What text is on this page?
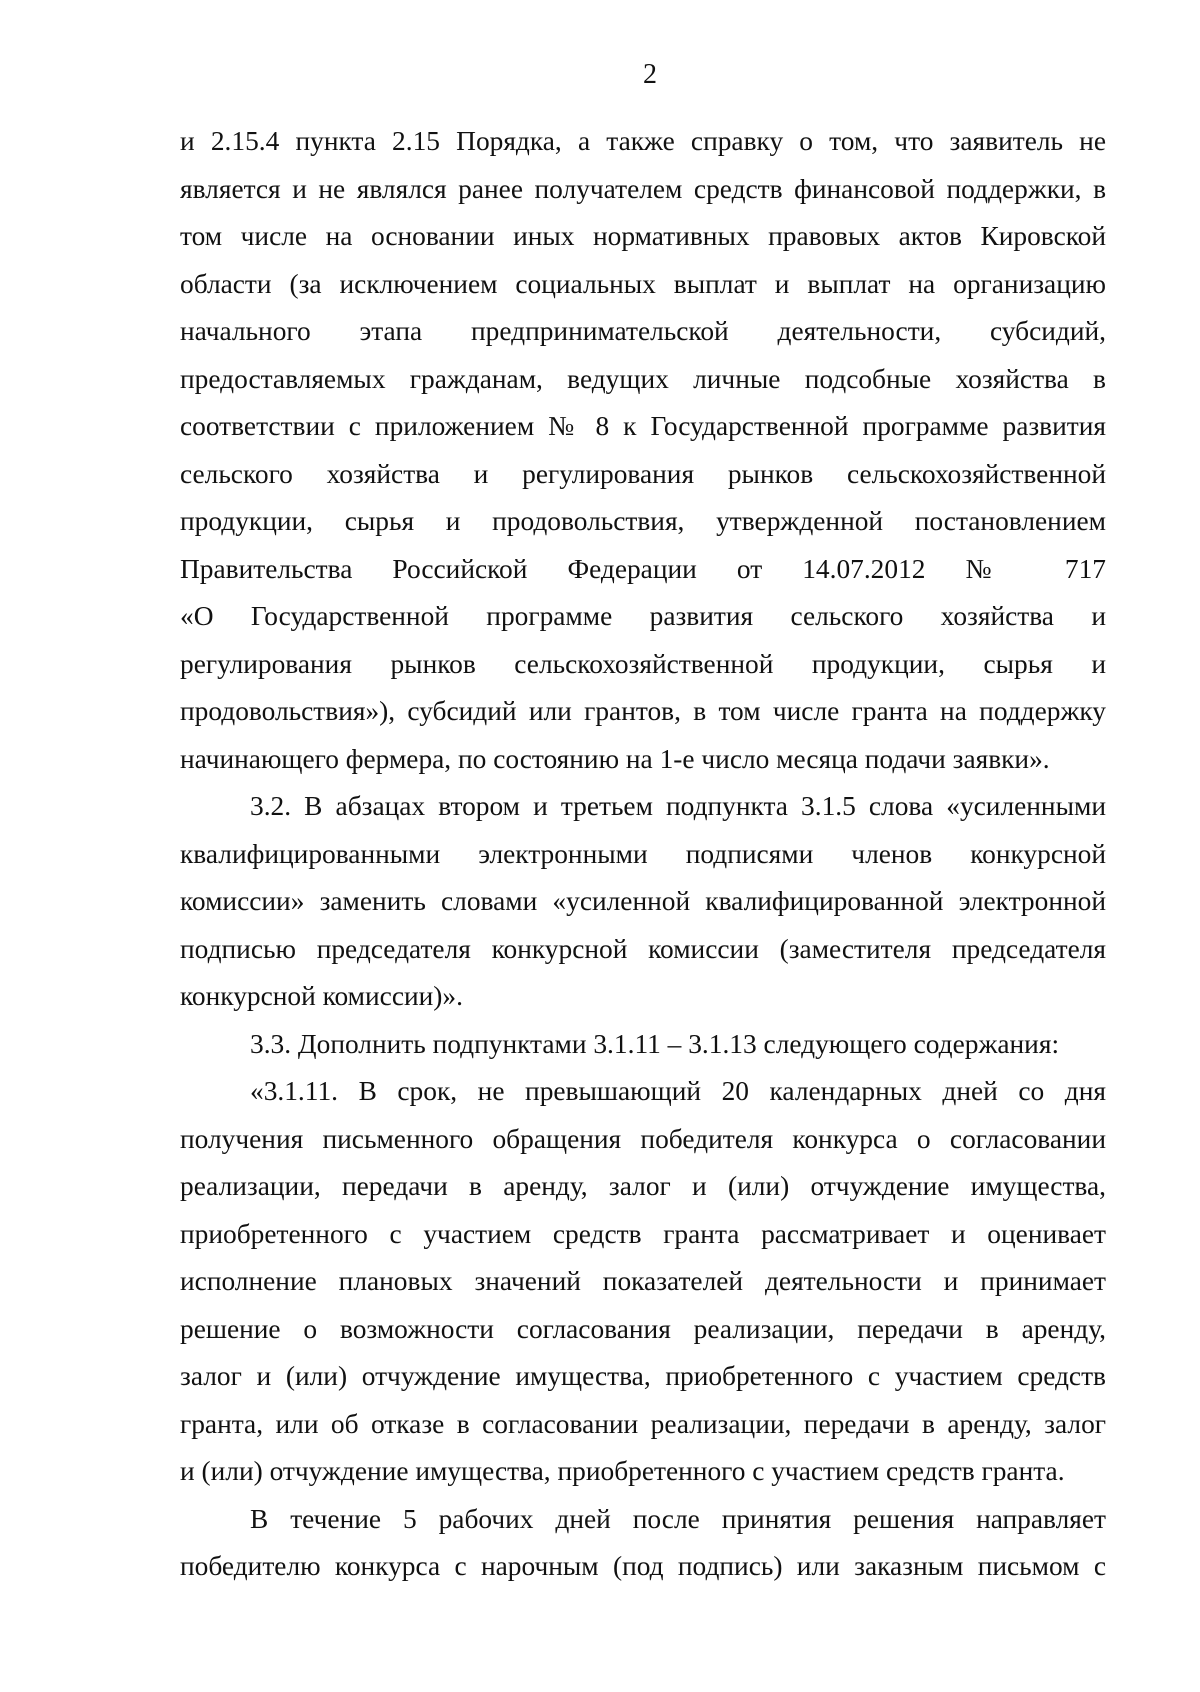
2
и 2.15.4 пункта 2.15 Порядка, а также справку о том, что заявитель не
является и не являлся ранее получателем средств финансовой поддержки, в
том числе на основании иных нормативных правовых актов Кировской
области (за исключением социальных выплат и выплат на организацию
начального этапа предпринимательской деятельности, субсидий,
предоставляемых гражданам, ведущих личные подсобные хозяйства в
соответствии с приложением № 8 к Государственной программе развития
сельского хозяйства и регулирования рынков сельскохозяйственной
продукции, сырья и продовольствия, утвержденной постановлением
Правительства Российской Федерации от 14.07.2012 № 717
«О Государственной программе развития сельского хозяйства и
регулирования рынков сельскохозяйственной продукции, сырья и
продовольствия»), субсидий или грантов, в том числе гранта на поддержку
начинающего фермера, по состоянию на 1-е число месяца подачи заявки».
3.2. В абзацах втором и третьем подпункта 3.1.5 слова «усиленными
квалифицированными электронными подписями членов конкурсной
комиссии» заменить словами «усиленной квалифицированной электронной
подписью председателя конкурсной комиссии (заместителя председателя
конкурсной комиссии)».
3.3. Дополнить подпунктами 3.1.11 – 3.1.13 следующего содержания:
«3.1.11. В срок, не превышающий 20 календарных дней со дня
получения письменного обращения победителя конкурса о согласовании
реализации, передачи в аренду, залог и (или) отчуждение имущества,
приобретенного с участием средств гранта рассматривает и оценивает
исполнение плановых значений показателей деятельности и принимает
решение о возможности согласования реализации, передачи в аренду,
залог и (или) отчуждение имущества, приобретенного с участием средств
гранта, или об отказе в согласовании реализации, передачи в аренду, залог
и (или) отчуждение имущества, приобретенного с участием средств гранта.
В течение 5 рабочих дней после принятия решения направляет
победителю конкурса с нарочным (под подпись) или заказным письмом с
